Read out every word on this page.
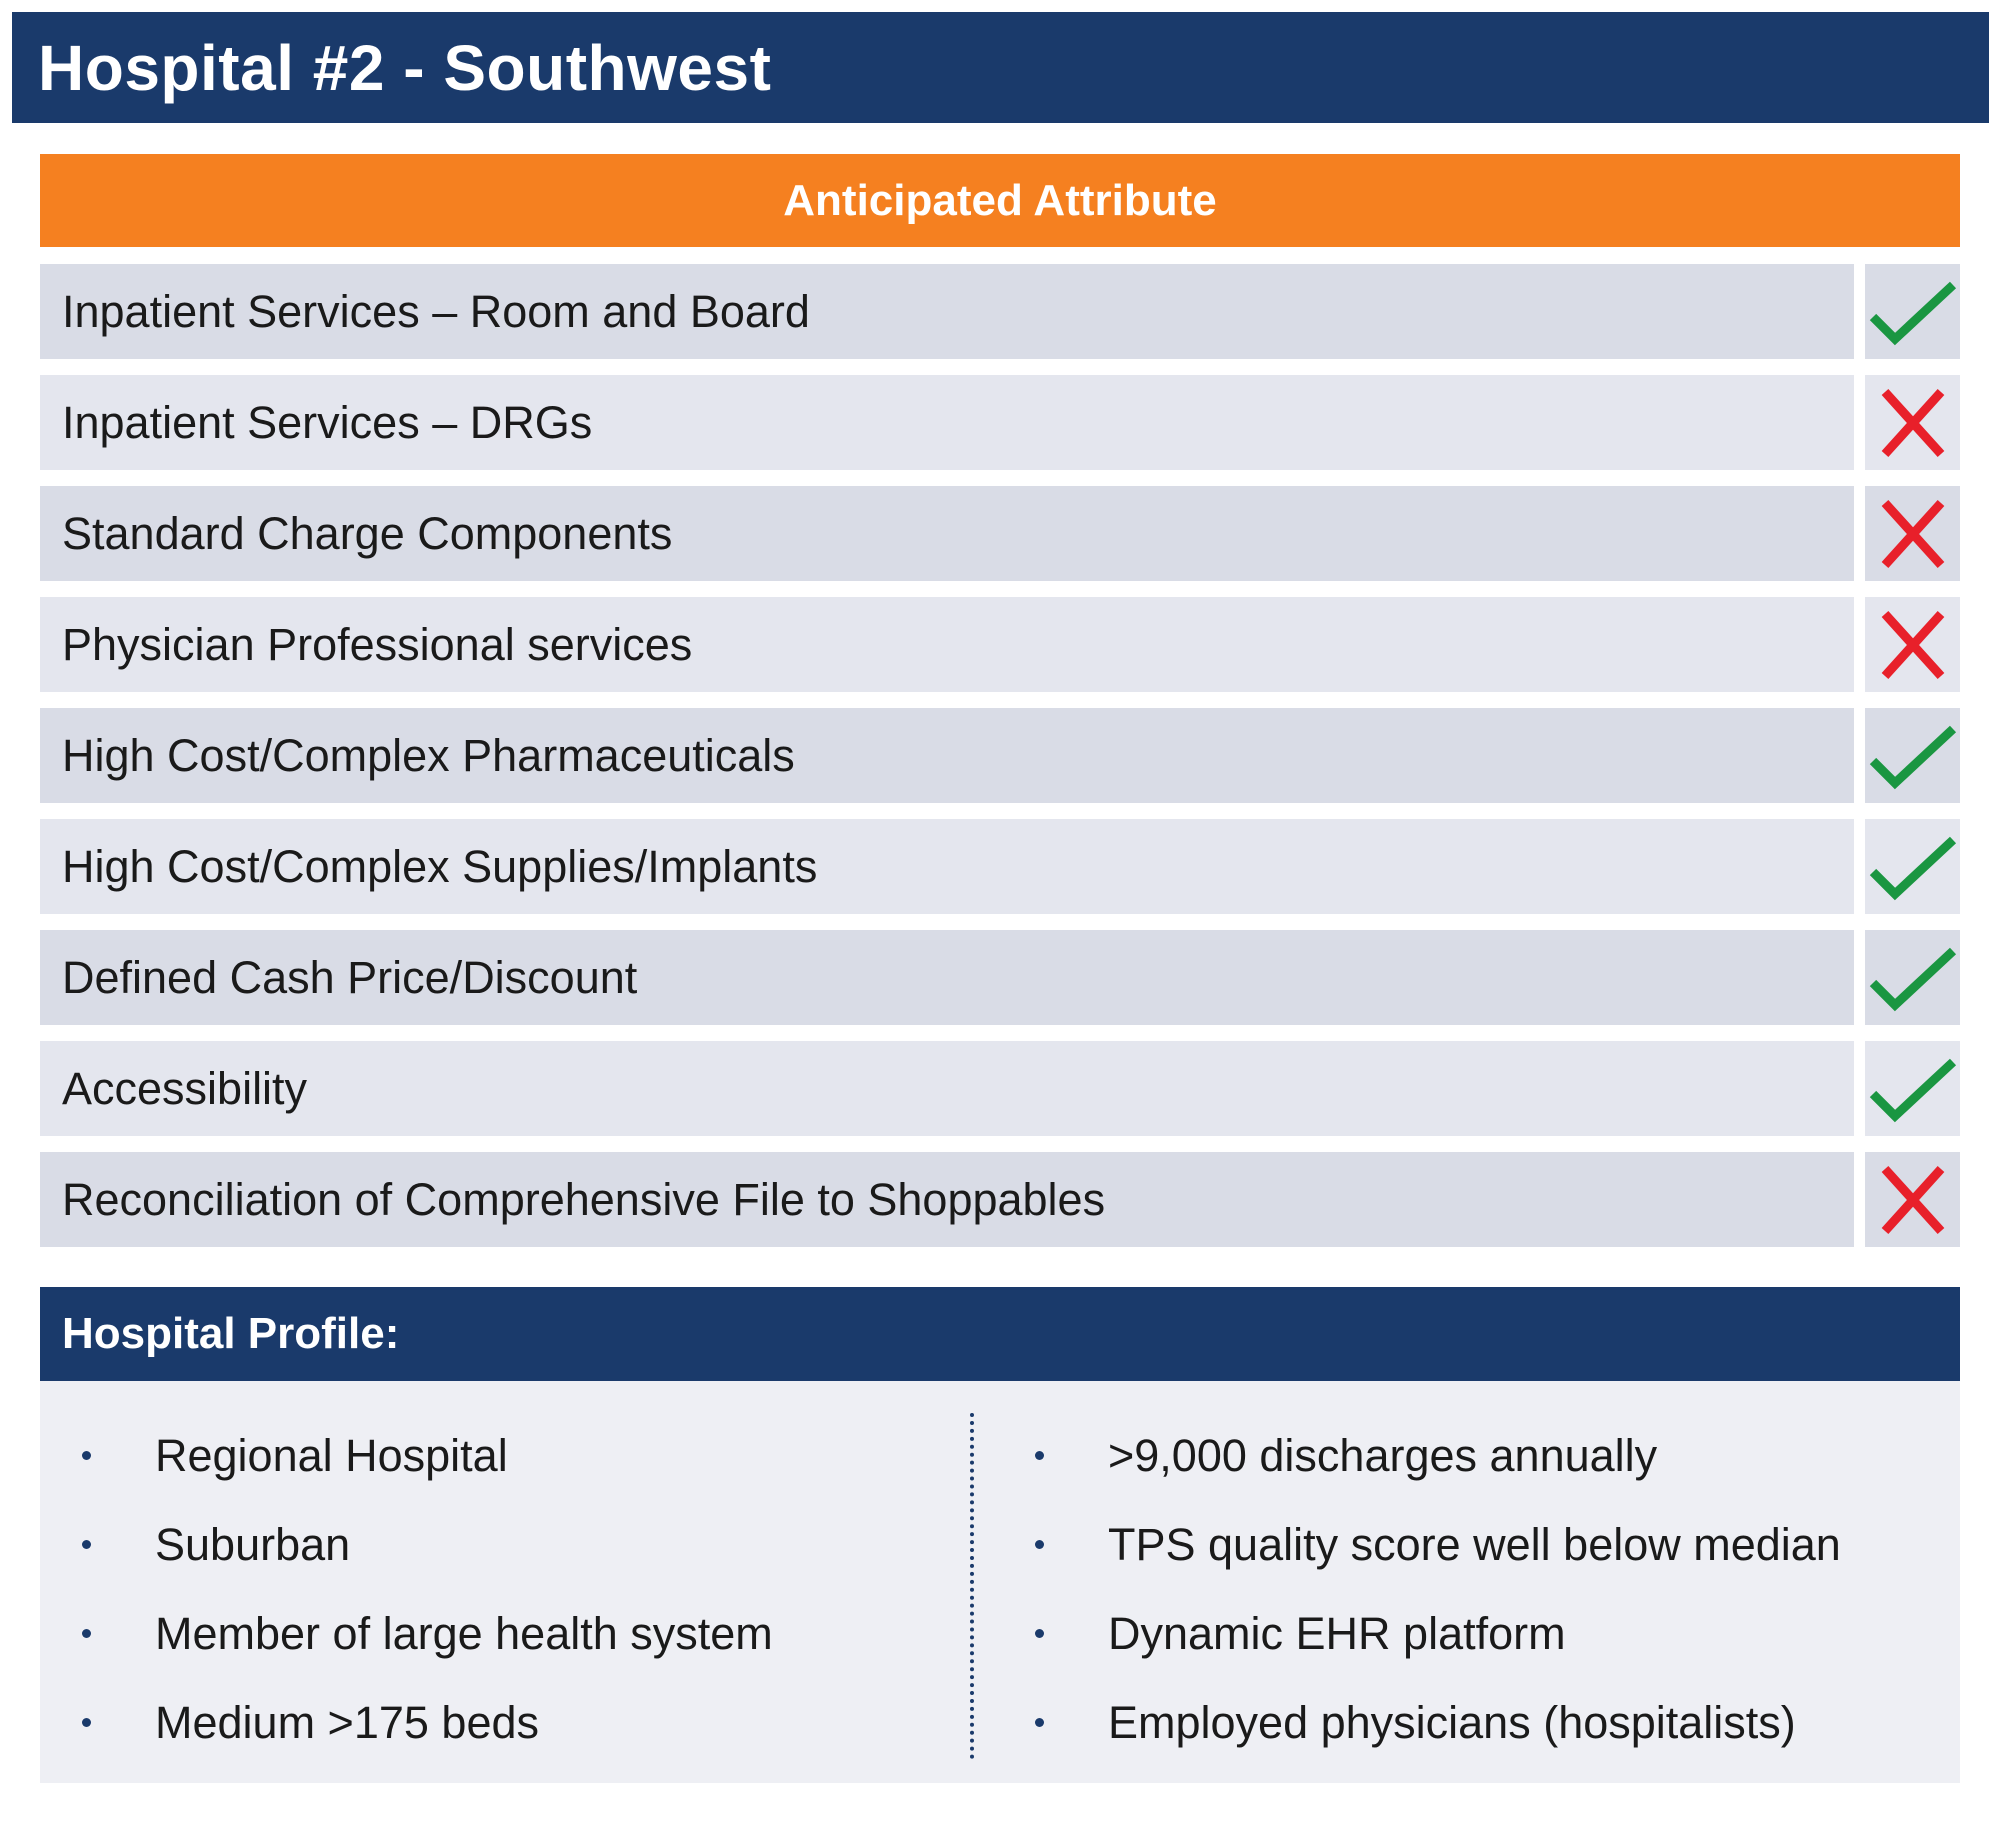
Hospital #2 - Southwest
Anticipated Attribute
Inpatient Services – Room and Board
Inpatient Services – DRGs
Standard Charge Components
Physician Professional services
High Cost/Complex Pharmaceuticals
High Cost/Complex Supplies/Implants
Defined Cash Price/Discount
Accessibility
Reconciliation of Comprehensive File to Shoppables
Hospital Profile:
Regional Hospital
Suburban
Member of large health system
Medium >175 beds
>9,000 discharges annually
TPS quality score well below median
Dynamic EHR platform
Employed physicians (hospitalists)
